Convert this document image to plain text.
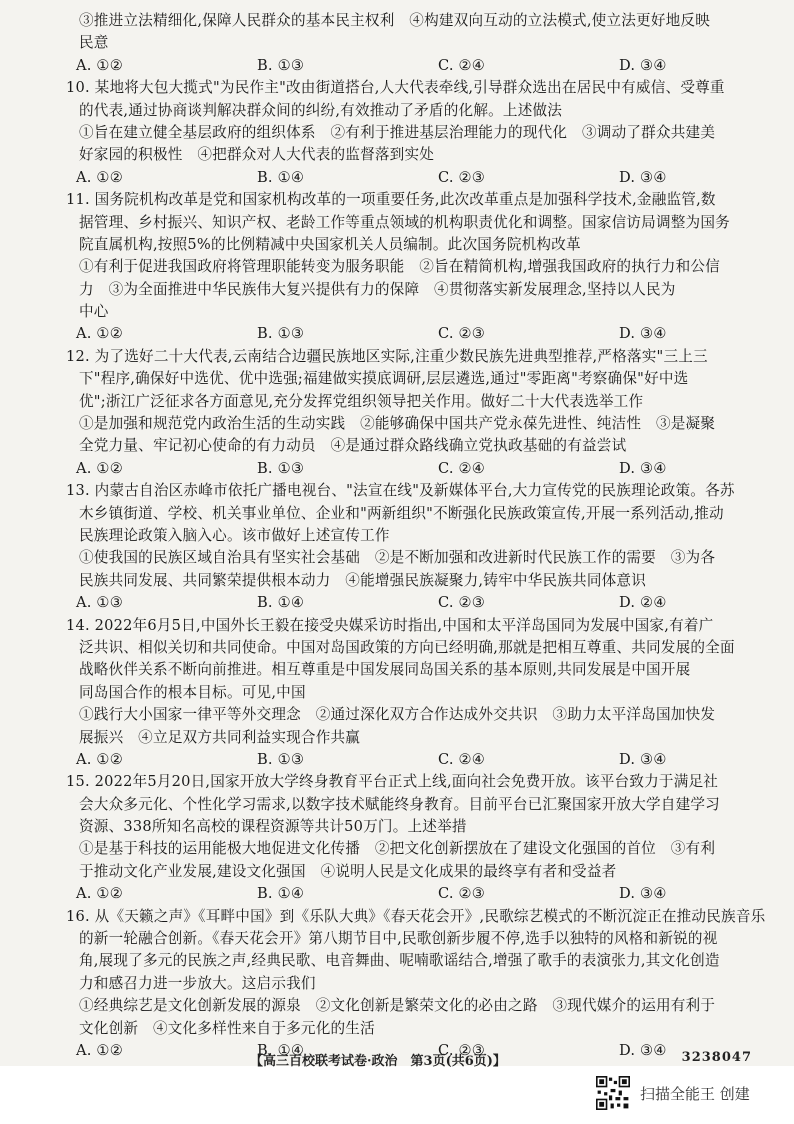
③推进立法精细化,保障人民群众的基本民主权利　④构建双向互动的立法模式,使立法更好地反映
民意
A. ①②	B. ①③	C. ②④	D. ③④
10. 某地将大包大揽式"为民作主"改由街道搭台,人大代表牵线,引导群众选出在居民中有威信、受尊重
的代表,通过协商谈判解决群众间的纠纷,有效推动了矛盾的化解。上述做法
①旨在建立健全基层政府的组织体系　②有利于推进基层治理能力的现代化　③调动了群众共建美
好家园的积极性　④把群众对人大代表的监督落到实处
A. ①②	B. ①④	C. ②③	D. ③④
11. 国务院机构改革是党和国家机构改革的一项重要任务,此次改革重点是加强科学技术,金融监管,数
据管理、乡村振兴、知识产权、老龄工作等重点领域的机构职责优化和调整。国家信访局调整为国务
院直属机构,按照5%的比例精减中央国家机关人员编制。此次国务院机构改革
①有利于促进我国政府将管理职能转变为服务职能　②旨在精简机构,增强我国政府的执行力和公信
力　③为全面推进中华民族伟大复兴提供有力的保障　④贯彻落实新发展理念,坚持以人民为
中心
A. ①②	B. ①③	C. ②③	D. ③④
12. 为了选好二十大代表,云南结合边疆民族地区实际,注重少数民族先进典型推荐,严格落实"三上三
下"程序,确保好中选优、优中选强;福建做实摸底调研,层层遴选,通过"零距离"考察确保"好中选
优";浙江广泛征求各方面意见,充分发挥党组织领导把关作用。做好二十大代表选举工作
①是加强和规范党内政治生活的生动实践　②能够确保中国共产党永葆先进性、纯洁性　③是凝聚
全党力量、牢记初心使命的有力动员　④是通过群众路线确立党执政基础的有益尝试
A. ①②	B. ①③	C. ②④	D. ③④
13. 内蒙古自治区赤峰市依托广播电视台、"法宣在线"及新媒体平台,大力宣传党的民族理论政策。各苏
木乡镇街道、学校、机关事业单位、企业和"两新组织"不断强化民族政策宣传,开展一系列活动,推动
民族理论政策入脑入心。该市做好上述宣传工作
①使我国的民族区域自治具有坚实社会基础　②是不断加强和改进新时代民族工作的需要　③为各
民族共同发展、共同繁荣提供根本动力　④能增强民族凝聚力,铸牢中华民族共同体意识
A. ①③	B. ①④	C. ②③	D. ②④
14. 2022年6月5日,中国外长王毅在接受央媒采访时指出,中国和太平洋岛国同为发展中国家,有着广
泛共识、相似关切和共同使命。中国对岛国政策的方向已经明确,那就是把相互尊重、共同发展的全面
战略伙伴关系不断向前推进。相互尊重是中国发展同岛国关系的基本原则,共同发展是中国开展
同岛国合作的根本目标。可见,中国
①践行大小国家一律平等外交理念　②通过深化双方合作达成外交共识　③助力太平洋岛国加快发
展振兴　④立足双方共同利益实现合作共赢
A. ①②	B. ①③	C. ②④	D. ③④
15. 2022年5月20日,国家开放大学终身教育平台正式上线,面向社会免费开放。该平台致力于满足社
会大众多元化、个性化学习需求,以数字技术赋能终身教育。目前平台已汇聚国家开放大学自建学习
资源、338所知名高校的课程资源等共计50万门。上述举措
①是基于科技的运用能极大地促进文化传播　②把文化创新摆放在了建设文化强国的首位　③有利
于推动文化产业发展,建设文化强国　④说明人民是文化成果的最终享有者和受益者
A. ①②	B. ①④	C. ②③	D. ③④
16. 从《天籁之声》《耳畔中国》到《乐队大典》《春天花会开》,民歌综艺模式的不断沉淀正在推动民族音乐
的新一轮融合创新。《春天花会开》第八期节目中,民歌创新步履不停,选手以独特的风格和新锐的视
角,展现了多元的民族之声,经典民歌、电音舞曲、呢喃歌谣结合,增强了歌手的表演张力,其文化创造
力和感召力进一步放大。这启示我们
①经典综艺是文化创新发展的源泉　②文化创新是繁荣文化的必由之路　③现代媒介的运用有利于
文化创新　④文化多样性来自于多元化的生活
A. ①②	B. ①④	C. ②③	D. ③④
【高三百校联考试卷·政治　第3页(共6页)】	3238047
扫描全能王 创建
